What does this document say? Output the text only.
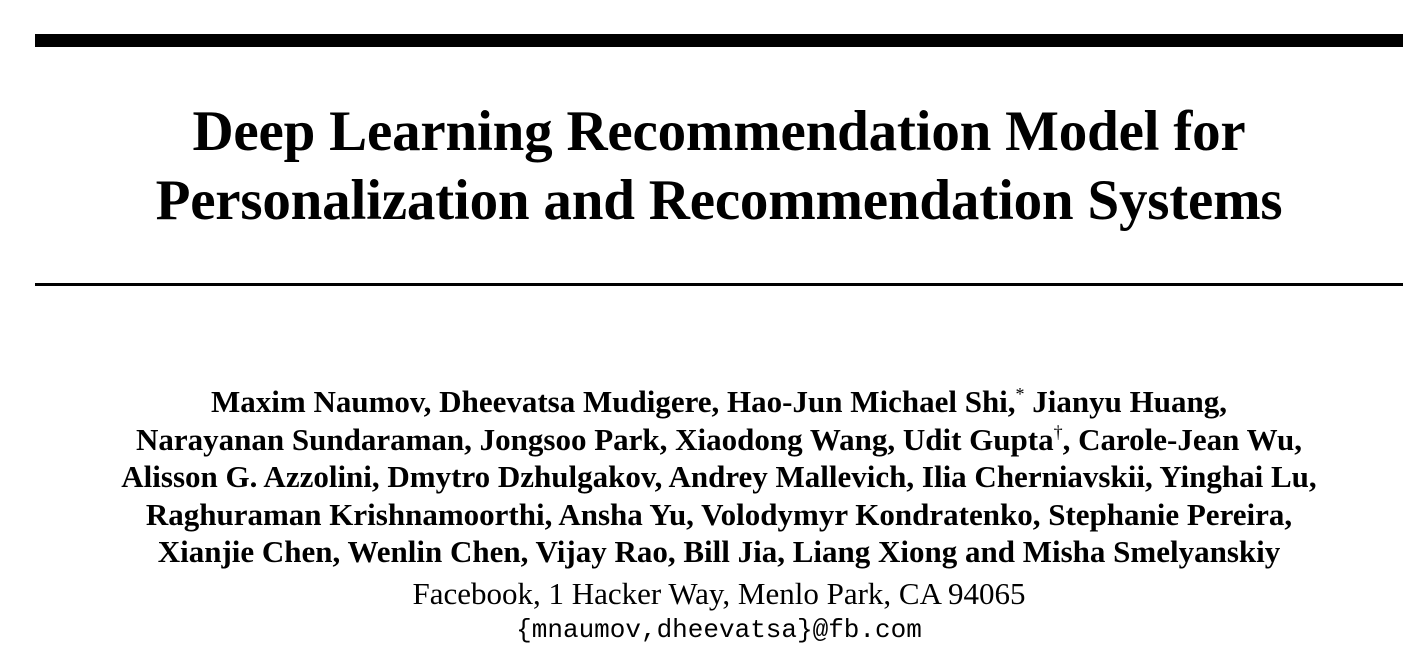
Deep Learning Recommendation Model for
Personalization and Recommendation Systems
Maxim Naumov, Dheevatsa Mudigere, Hao-Jun Michael Shi,* Jianyu Huang,
Narayanan Sundaraman, Jongsoo Park, Xiaodong Wang, Udit Gupta†, Carole-Jean Wu,
Alisson G. Azzolini, Dmytro Dzhulgakov, Andrey Mallevich, Ilia Cherniavskii, Yinghai Lu,
Raghuraman Krishnamoorthi, Ansha Yu, Volodymyr Kondratenko, Stephanie Pereira,
Xianjie Chen, Wenlin Chen, Vijay Rao, Bill Jia, Liang Xiong and Misha Smelyanskiy
Facebook, 1 Hacker Way, Menlo Park, CA 94065
{mnaumov,dheevatsa}@fb.com
